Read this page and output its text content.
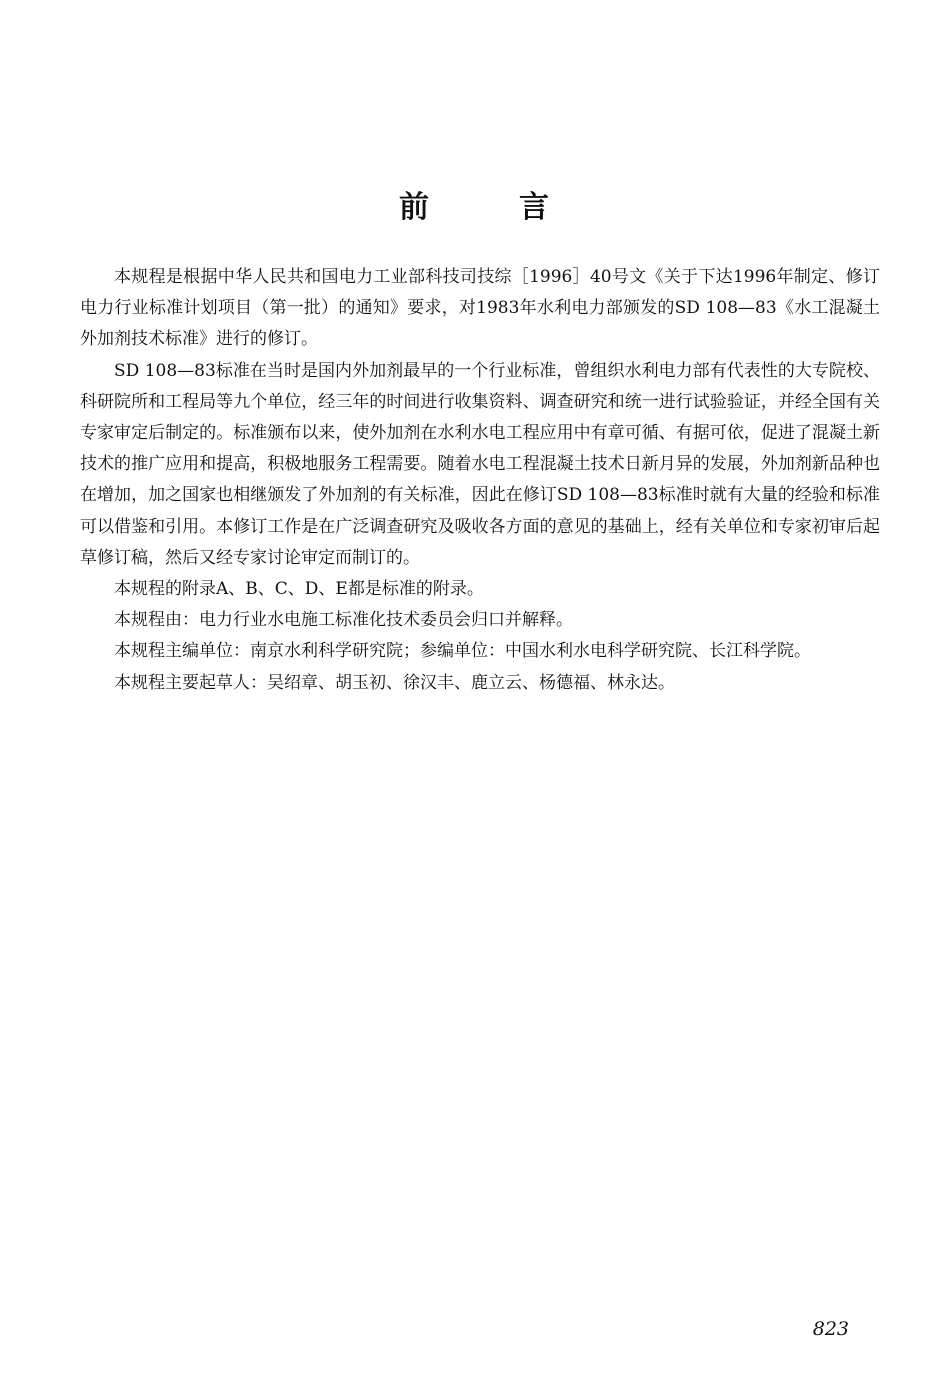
前	言

本规程是根据中华人民共和国电力工业部科技司技综［1996］40号文《关于下达1996年制定、修订电力行业标准计划项目（第一批）的通知》要求，对1983年水利电力部颁发的SD 108—83《水工混凝土外加剂技术标准》进行的修订。

SD 108—83标准在当时是国内外加剂最早的一个行业标准，曾组织水利电力部有代表性的大专院校、科研院所和工程局等九个单位，经三年的时间进行收集资料、调查研究和统一进行试验验证，并经全国有关专家审定后制定的。标准颁布以来，使外加剂在水利水电工程应用中有章可循、有据可依，促进了混凝土新技术的推广应用和提高，积极地服务工程需要。随着水电工程混凝土技术日新月异的发展，外加剂新品种也在增加，加之国家也相继颁发了外加剂的有关标准，因此在修订SD 108—83标准时就有大量的经验和标准可以借鉴和引用。本修订工作是在广泛调查研究及吸收各方面的意见的基础上，经有关单位和专家初审后起草修订稿，然后又经专家讨论审定而制订的。

本规程的附录A、B、C、D、E都是标准的附录。

本规程由：电力行业水电施工标准化技术委员会归口并解释。

本规程主编单位：南京水利科学研究院；参编单位：中国水利水电科学研究院、长江科学院。

本规程主要起草人：吴绍章、胡玉初、徐汉丰、鹿立云、杨德福、林永达。

823
